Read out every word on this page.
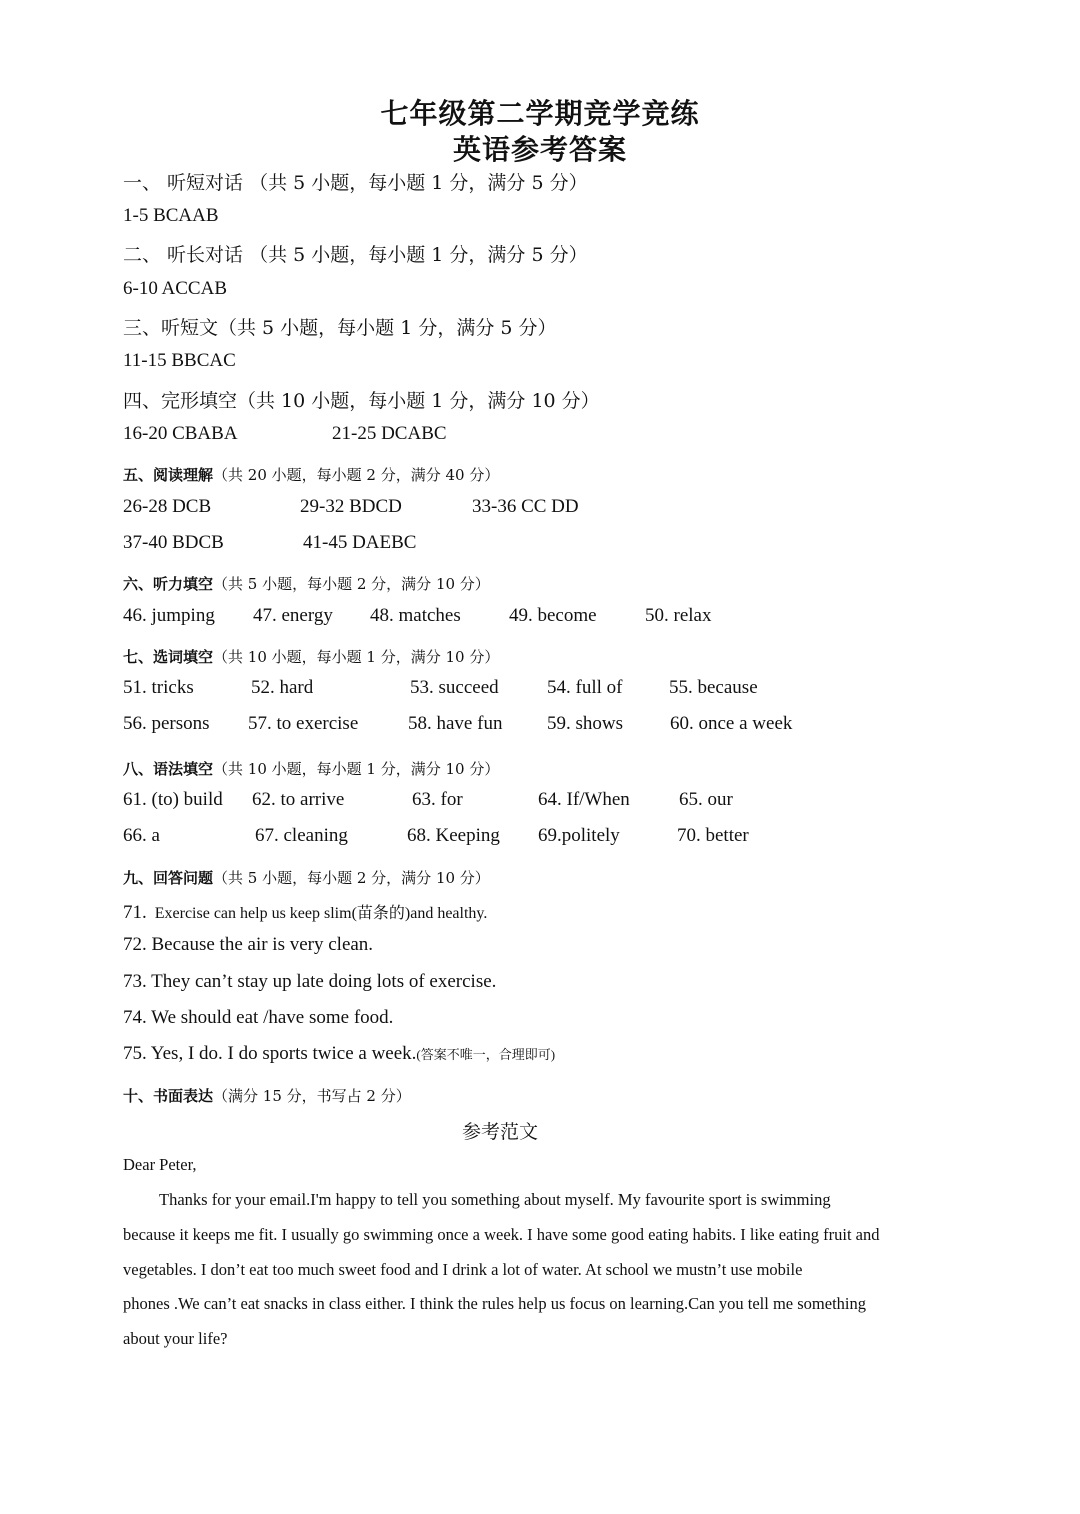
七年级第二学期竞学竞练
英语参考答案
一、 听短对话 （共 5 小题，每小题 1 分，满分 5 分）
1-5 BCAAB
二、 听长对话 （共 5 小题，每小题 1 分，满分 5 分）
6-10 ACCAB
三、听短文（共 5 小题，每小题 1 分，满分 5 分）
11-15 BBCAC
四、完形填空（共 10 小题，每小题 1 分，满分 10 分）
16-20 CBABA	21-25 DCABC
五、阅读理解（共 20 小题，每小题 2 分，满分 40 分）
26-28 DCB	29-32 BDCD	33-36 CC DD
37-40 BDCB	41-45 DAEBC
六、听力填空（共 5 小题，每小题 2 分，满分 10 分）
46. jumping 47. energy 48. matches	49. become	50. relax
七、选词填空（共 10 小题，每小题 1 分，满分 10 分）
51. tricks	52. hard	53. succeed	54. full of 55. because
56. persons 57. to exercise	58. have fun 59. shows 60. once a week
八、语法填空（共 10 小题，每小题 1 分，满分 10 分）
61. (to) build 62. to arrive	63. for	64. If/When	65. our
66. a	67. cleaning	68. Keeping 69.politely	70. better
九、回答问题（共 5 小题，每小题 2 分，满分 10 分）
71. Exercise can help us keep slim(苗条的)and healthy.
72. Because the air is very clean.
73. They can’t stay up late doing lots of exercise.
74. We should eat /have some food.
75. Yes, I do. I do sports twice a week.(答案不唯一，合理即可)
十、书面表达（满分 15 分，书写占 2 分）
参考范文
Dear Peter,
Thanks for your email.I'm happy to tell you something about myself. My favourite sport is swimming
because it keeps me fit. I usually go swimming once a week. I have some good eating habits. I like eating fruit and
vegetables. I don’t eat too much sweet food and I drink a lot of water. At school we mustn’t use mobile
phones .We can’t eat snacks in class either. I think the rules help us focus on learning.Can you tell me something
about your life?
